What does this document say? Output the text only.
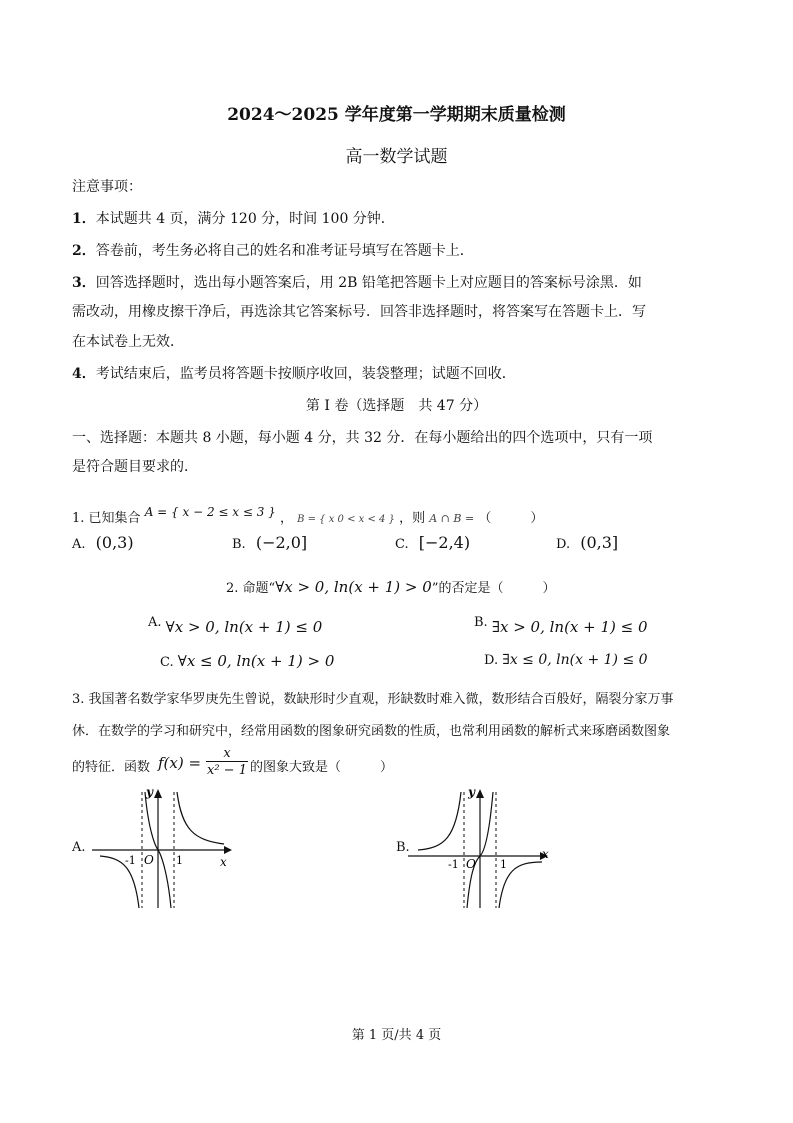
2024～2025 学年度第一学期期末质量检测
高一数学试题
注意事项：
1．本试题共 4 页，满分 120 分，时间 100 分钟．
2．答卷前，考生务必将自己的姓名和准考证号填写在答题卡上．
3．回答选择题时，选出每小题答案后，用 2B 铅笔把答题卡上对应题目的答案标号涂黑．如
需改动，用橡皮擦干净后，再选涂其它答案标号．回答非选择题时，将答案写在答题卡上．写
在本试卷上无效．
4．考试结束后，监考员将答题卡按顺序收回，装袋整理；试题不回收．
第 Ⅰ 卷（选择题　共 47 分）
一、选择题：本题共 8 小题，每小题 4 分，共 32 分．在每小题给出的四个选项中，只有一项
是符合题目要求的．
1. 已知集合 A = { x − 2 ≤ x ≤ 3 } ， B = { x 0 < x < 4 } ，则 A ∩ B = （　　　）
A. (0,3)	B. (−2,0]	C. [−2,4)	D. (0,3]
2. 命题“∀x > 0, ln(x + 1) > 0”的否定是（　　　）
A. ∀x > 0, ln(x + 1) ≤ 0	B. ∃x > 0, ln(x + 1) ≤ 0
C. ∀x ≤ 0, ln(x + 1) > 0	D. ∃x ≤ 0, ln(x + 1) ≤ 0
3. 我国著名数学家华罗庚先生曾说，数缺形时少直观，形缺数时难入微，数形结合百般好，隔裂分家万事
休．在数学的学习和研究中，经常用函数的图象研究函数的性质，也常利用函数的解析式来琢磨函数图象
的特征．函数 $f(x) = \frac{x}{\text{x² − 1}}$ 的图象大致是（　　　）
A.
y
x
O
-1	1
B.
y
x
O
-1	1
第 1 页/共 4 页
